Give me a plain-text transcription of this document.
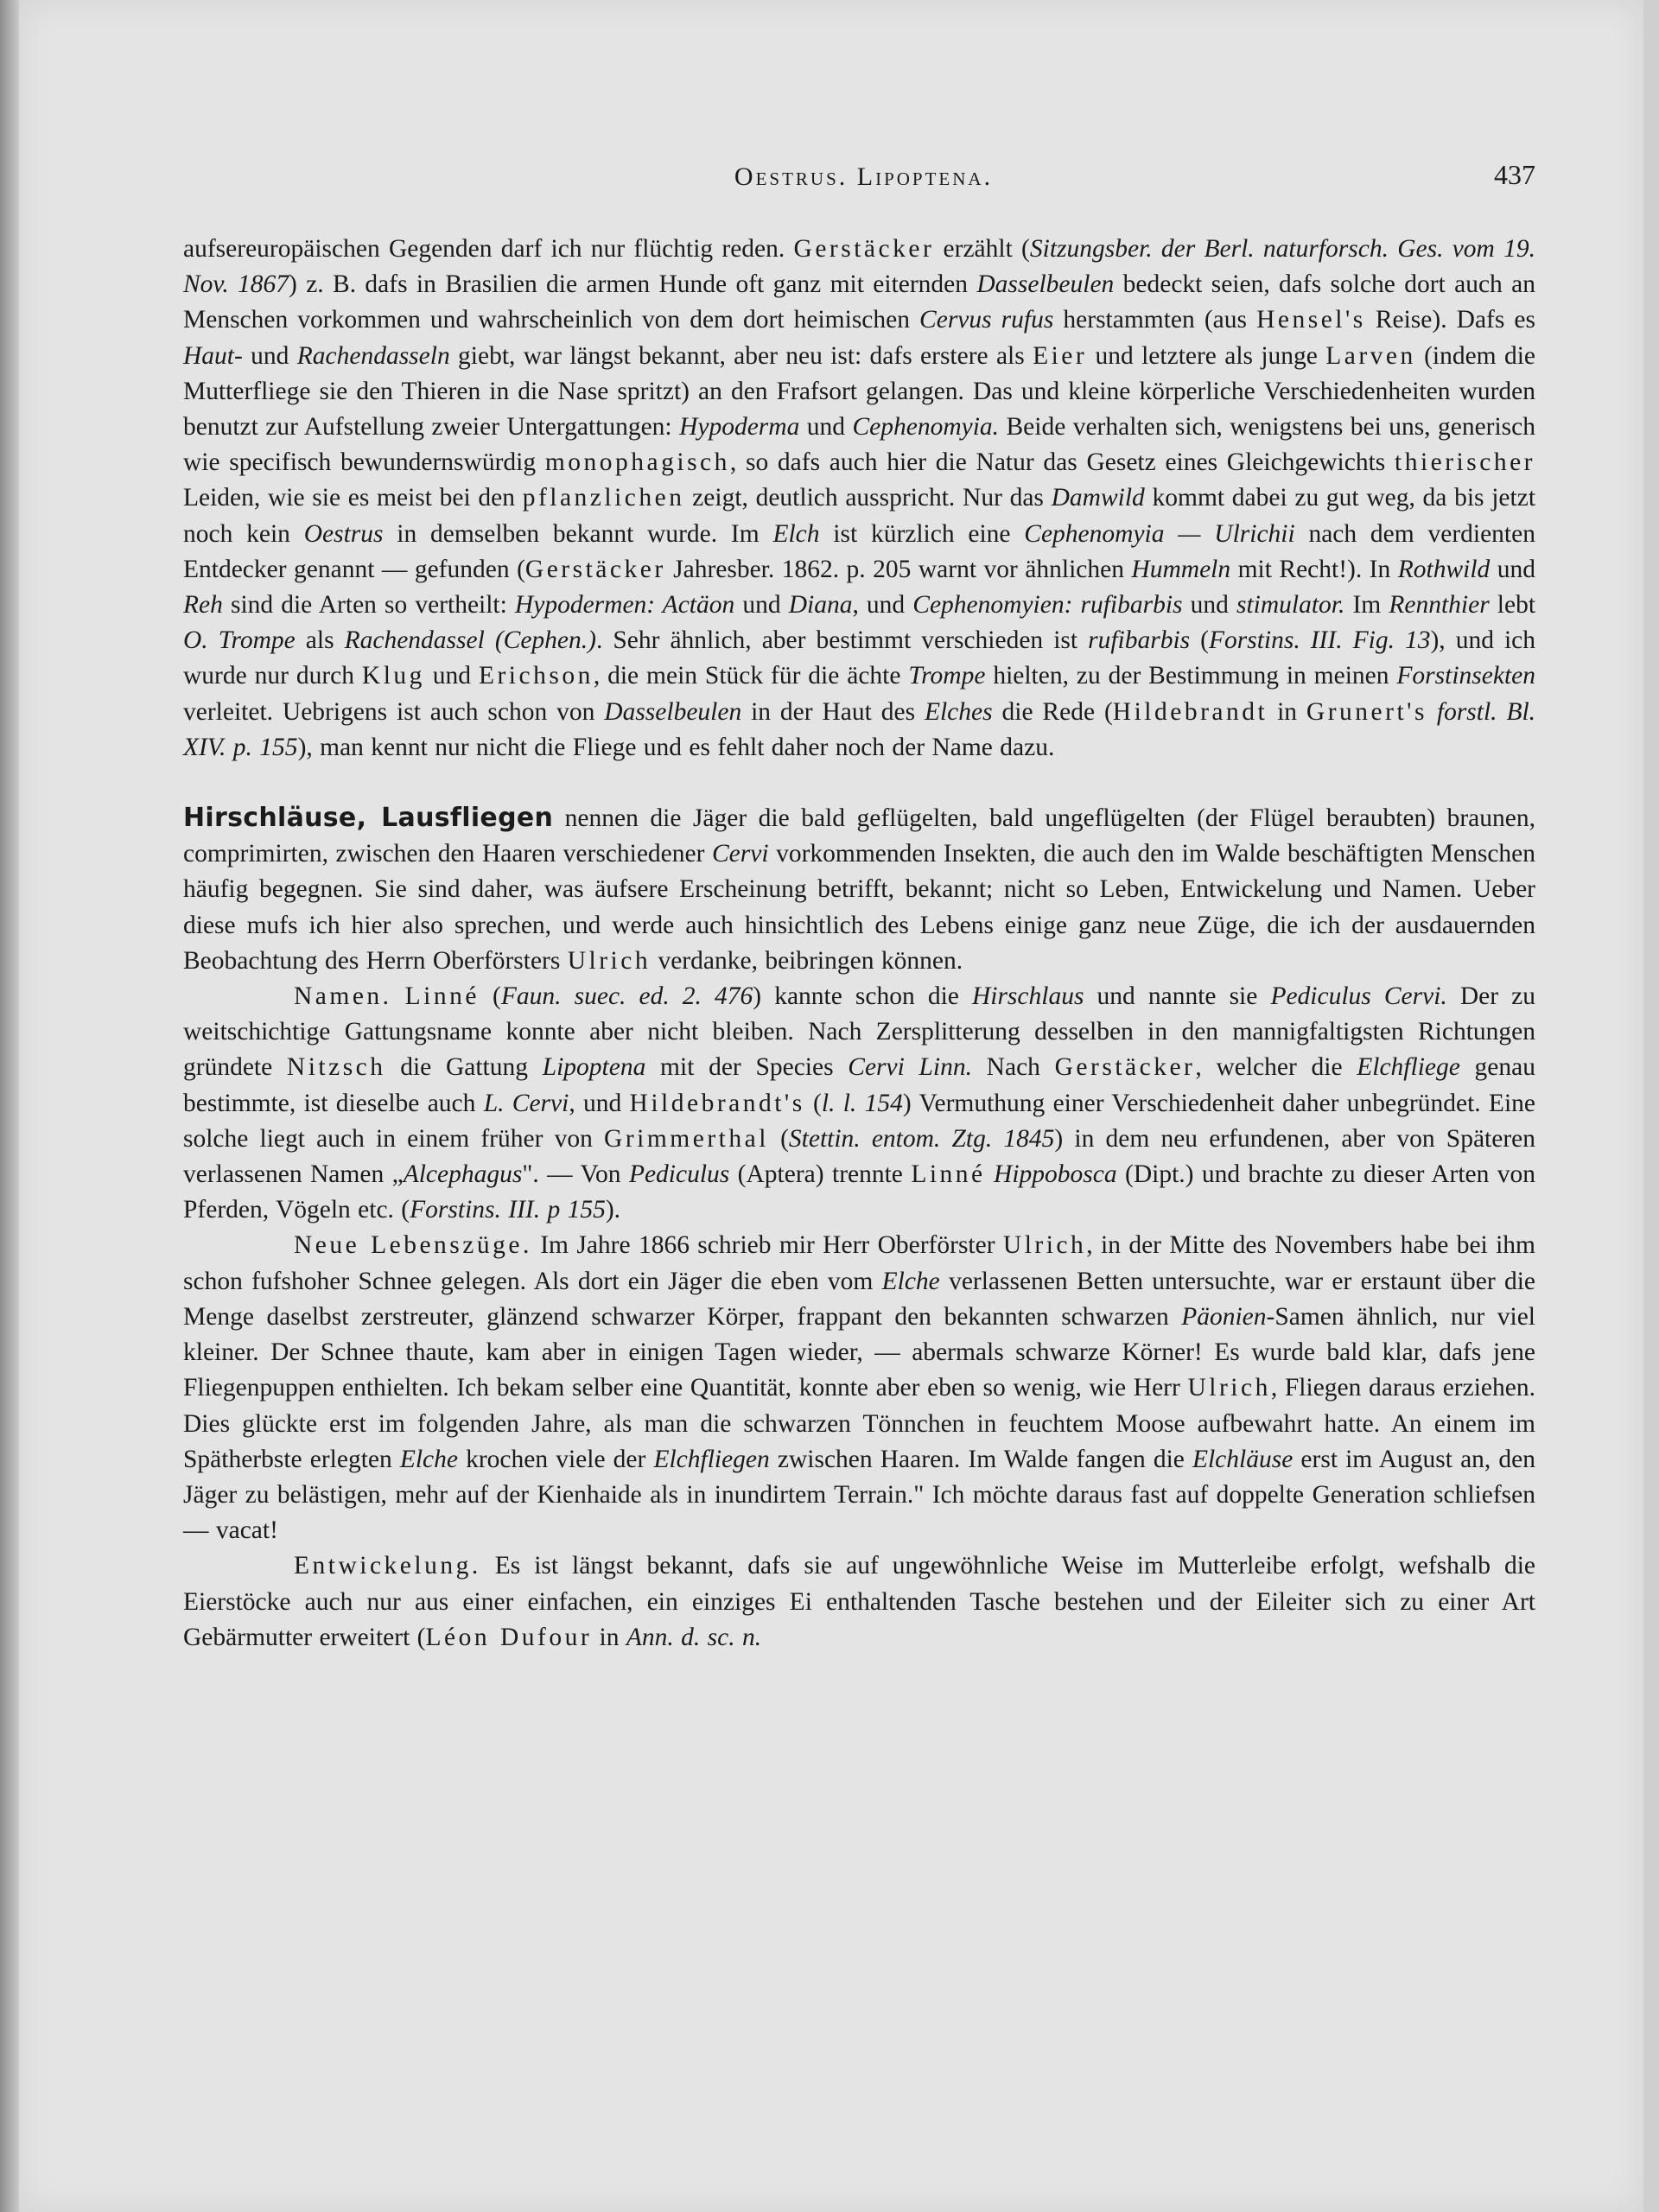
Oestrus. Lipoptena.	437

aufsereuropäischen Gegenden darf ich nur flüchtig reden. Gerstäcker erzählt (Sitzungsber. der Berl. naturforsch. Ges. vom 19. Nov. 1867) z. B. dafs in Brasilien die armen Hunde oft ganz mit eiternden Dasselbeulen bedeckt seien, dafs solche dort auch an Menschen vorkommen und wahrscheinlich von dem dort heimischen Cervus rufus herstammten (aus Hensel's Reise). Dafs es Haut- und Rachendasseln giebt, war längst bekannt, aber neu ist: dafs erstere als Eier und letztere als junge Larven (indem die Mutterfliege sie den Thieren in die Nase spritzt) an den Frafsort gelangen. Das und kleine körperliche Verschiedenheiten wurden benutzt zur Aufstellung zweier Untergattungen: Hypoderma und Cephenomyia. Beide verhalten sich, wenigstens bei uns, generisch wie specifisch bewundernswürdig monophagisch, so dafs auch hier die Natur das Gesetz eines Gleichgewichts thierischer Leiden, wie sie es meist bei den pflanzlichen zeigt, deutlich ausspricht. Nur das Damwild kommt dabei zu gut weg, da bis jetzt noch kein Oestrus in demselben bekannt wurde. Im Elch ist kürzlich eine Cephenomyia — Ulrichii nach dem verdienten Entdecker genannt — gefunden (Gerstäcker Jahresber. 1862. p. 205 warnt vor ähnlichen Hummeln mit Recht!). In Rothwild und Reh sind die Arten so vertheilt: Hypodermen: Actäon und Diana, und Cephenomyien: rufibarbis und stimulator. Im Rennthier lebt O. Trompe als Rachendassel (Cephen.). Sehr ähnlich, aber bestimmt verschieden ist rufibarbis (Forstins. III. Fig. 13), und ich wurde nur durch Klug und Erichson, die mein Stück für die ächte Trompe hielten, zu der Bestimmung in meinen Forstinsekten verleitet. Uebrigens ist auch schon von Dasselbeulen in der Haut des Elches die Rede (Hildebrandt in Grunert's forstl. Bl. XIV. p. 155), man kennt nur nicht die Fliege und es fehlt daher noch der Name dazu.

Hirschläuse, Lausfliegen nennen die Jäger die bald geflügelten, bald ungeflügelten (der Flügel beraubten) braunen, comprimirten, zwischen den Haaren verschiedener Cervi vorkommenden Insekten, die auch den im Walde beschäftigten Menschen häufig begegnen. Sie sind daher, was äufsere Erscheinung betrifft, bekannt; nicht so Leben, Entwickelung und Namen. Ueber diese mufs ich hier also sprechen, und werde auch hinsichtlich des Lebens einige ganz neue Züge, die ich der ausdauernden Beobachtung des Herrn Oberförsters Ulrich verdanke, beibringen können.

Namen. Linné (Faun. suec. ed. 2. 476) kannte schon die Hirschlaus und nannte sie Pediculus Cervi. Der zu weitschichtige Gattungsname konnte aber nicht bleiben. Nach Zersplitterung desselben in den mannigfaltigsten Richtungen gründete Nitzsch die Gattung Lipoptena mit der Species Cervi Linn. Nach Gerstäcker, welcher die Elchfliege genau bestimmte, ist dieselbe auch L. Cervi, und Hildebrandt's (l. l. 154) Vermuthung einer Verschiedenheit daher unbegründet. Eine solche liegt auch in einem früher von Grimmerthal (Stettin. entom. Ztg. 1845) in dem neu erfundenen, aber von Späteren verlassenen Namen „Alcephagus". — Von Pediculus (Aptera) trennte Linné Hippobosca (Dipt.) und brachte zu dieser Arten von Pferden, Vögeln etc. (Forstins. III. p 155).

Neue Lebenszüge. Im Jahre 1866 schrieb mir Herr Oberförster Ulrich, in der Mitte des Novembers habe bei ihm schon fufshoher Schnee gelegen. Als dort ein Jäger die eben vom Elche verlassenen Betten untersuchte, war er erstaunt über die Menge daselbst zerstreuter, glänzend schwarzer Körper, frappant den bekannten schwarzen Päonien-Samen ähnlich, nur viel kleiner. Der Schnee thaute, kam aber in einigen Tagen wieder, — abermals schwarze Körner! Es wurde bald klar, dafs jene Fliegenpuppen enthielten. Ich bekam selber eine Quantität, konnte aber eben so wenig, wie Herr Ulrich, Fliegen daraus erziehen. Dies glückte erst im folgenden Jahre, als man die schwarzen Tönnchen in feuchtem Moose aufbewahrt hatte. An einem im Spätherbste erlegten Elche krochen viele der Elchfliegen zwischen Haaren. Im Walde fangen die Elchläuse erst im August an, den Jäger zu belästigen, mehr auf der Kienhaide als in inundirtem Terrain." Ich möchte daraus fast auf doppelte Generation schliefsen — vacat!

Entwickelung. Es ist längst bekannt, dafs sie auf ungewöhnliche Weise im Mutterleibe erfolgt, wefshalb die Eierstöcke auch nur aus einer einfachen, ein einziges Ei enthaltenden Tasche bestehen und der Eileiter sich zu einer Art Gebärmutter erweitert (Léon Dufour in Ann. d. sc. n.
